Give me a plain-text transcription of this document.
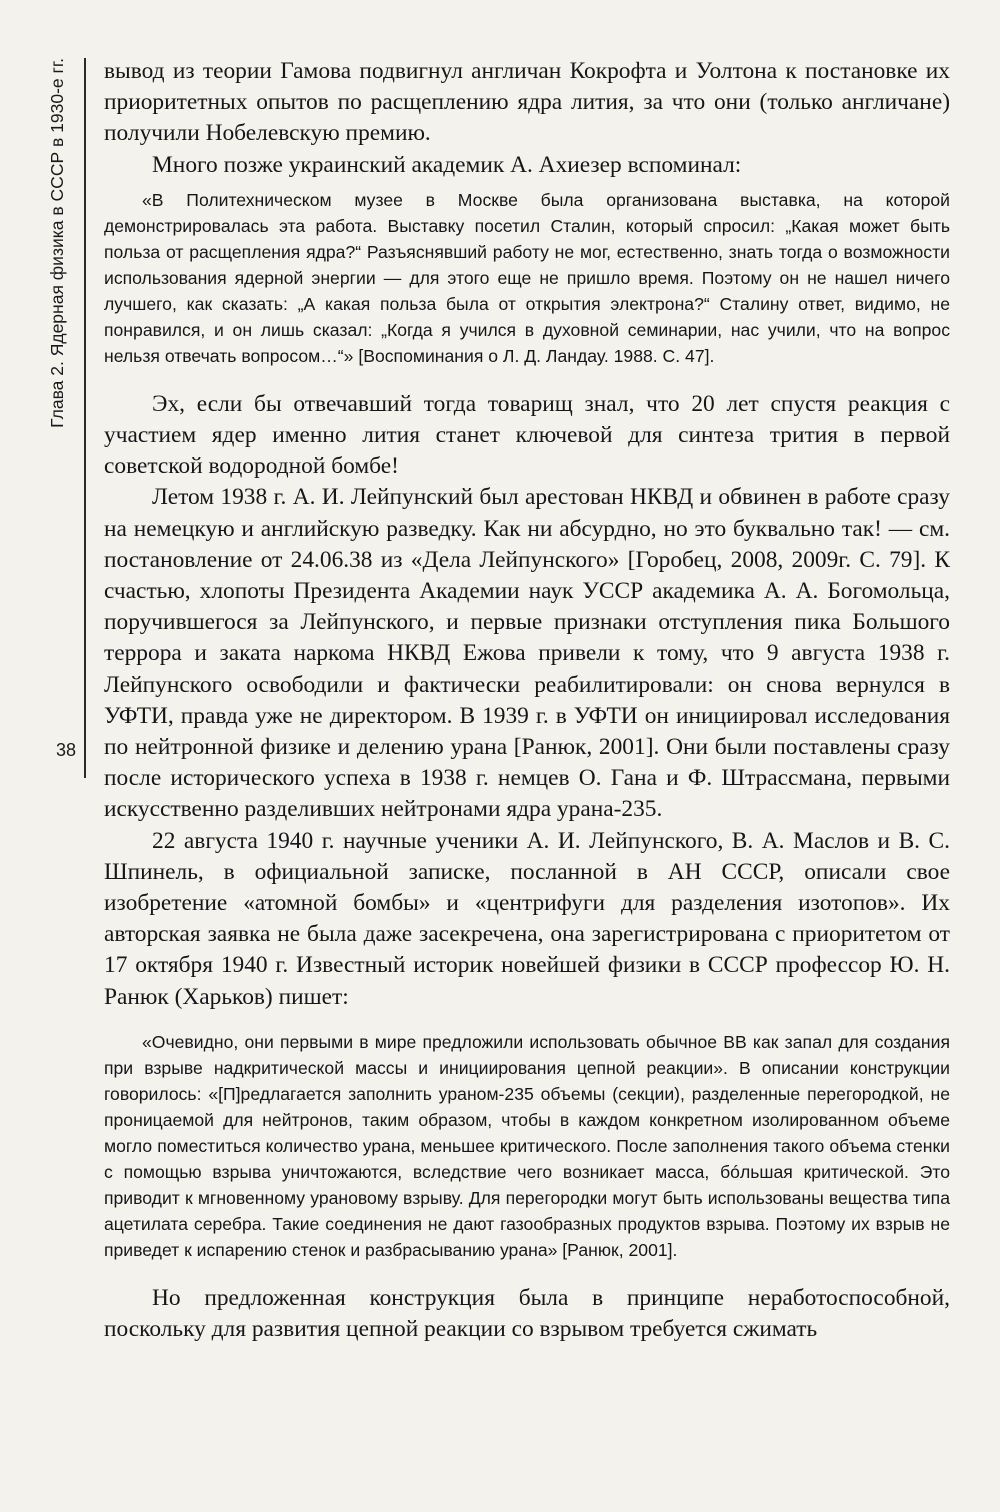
Глава 2. Ядерная физика в СССР в 1930-е гг.
38

вывод из теории Гамова подвигнул англичан Кокрофта и Уолтона к постановке их приоритетных опытов по расщеплению ядра лития, за что они (только англичане) получили Нобелевскую премию.

Много позже украинский академик А. Ахиезер вспоминал:

«В Политехническом музее в Москве была организована выставка, на которой демонстрировалась эта работа. Выставку посетил Сталин, который спросил: „Какая может быть польза от расщепления ядра?“ Разъяснявший работу не мог, естественно, знать тогда о возможности использования ядерной энергии — для этого еще не пришло время. Поэтому он не нашел ничего лучшего, как сказать: „А какая польза была от открытия электрона?“ Сталину ответ, видимо, не понравился, и он лишь сказал: „Когда я учился в духовной семинарии, нас учили, что на вопрос нельзя отвечать вопросом…“» [Воспоминания о Л. Д. Ландау. 1988. С. 47].

Эх, если бы отвечавший тогда товарищ знал, что 20 лет спустя реакция с участием ядер именно лития станет ключевой для синтеза трития в первой советской водородной бомбе!

Летом 1938 г. А. И. Лейпунский был арестован НКВД и обвинен в работе сразу на немецкую и английскую разведку. Как ни абсурдно, но это буквально так! — см. постановление от 24.06.38 из «Дела Лейпунского» [Горобец, 2008, 2009г. С. 79]. К счастью, хлопоты Президента Академии наук УССР академика А. А. Богомольца, поручившегося за Лейпунского, и первые признаки отступления пика Большого террора и заката наркома НКВД Ежова привели к тому, что 9 августа 1938 г. Лейпунского освободили и фактически реабилитировали: он снова вернулся в УФТИ, правда уже не директором. В 1939 г. в УФТИ он инициировал исследования по нейтронной физике и делению урана [Ранюк, 2001]. Они были поставлены сразу после исторического успеха в 1938 г. немцев О. Гана и Ф. Штрассмана, первыми искусственно разделивших нейтронами ядра урана-235.

22 августа 1940 г. научные ученики А. И. Лейпунского, В. А. Маслов и В. С. Шпинель, в официальной записке, посланной в АН СССР, описали свое изобретение «атомной бомбы» и «центрифуги для разделения изотопов». Их авторская заявка не была даже засекречена, она зарегистрирована с приоритетом от 17 октября 1940 г. Известный историк новейшей физики в СССР профессор Ю. Н. Ранюк (Харьков) пишет:

«Очевидно, они первыми в мире предложили использовать обычное ВВ как запал для создания при взрыве надкритической массы и инициирования цепной реакции». В описании конструкции говорилось: «[П]редлагается заполнить ураном-235 объемы (секции), разделенные перегородкой, не проницаемой для нейтронов, таким образом, чтобы в каждом конкретном изолированном объеме могло поместиться количество урана, меньшее критического. После заполнения такого объема стенки с помощью взрыва уничтожаются, вследствие чего возникает масса, бóльшая критической. Это приводит к мгновенному урановому взрыву. Для перегородки могут быть использованы вещества типа ацетилата серебра. Такие соединения не дают газообразных продуктов взрыва. Поэтому их взрыв не приведет к испарению стенок и разбрасыванию урана» [Ранюк, 2001].

Но предложенная конструкция была в принципе неработоспособной, поскольку для развития цепной реакции со взрывом требуется сжимать
